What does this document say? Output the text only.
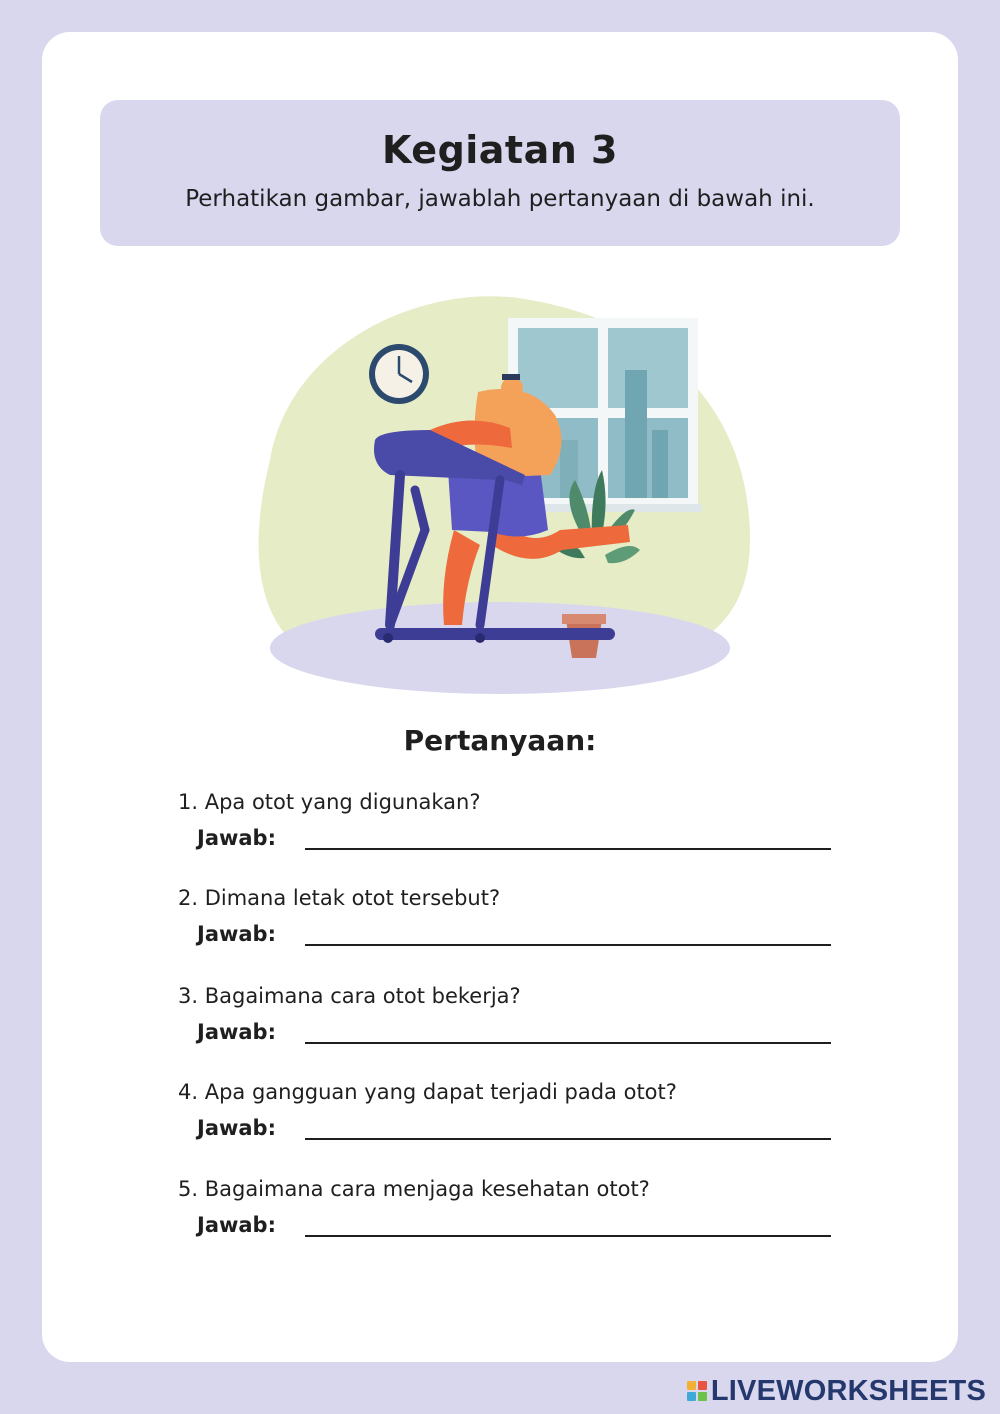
Kegiatan 3
Perhatikan gambar, jawablah pertanyaan di bawah ini.
Pertanyaan:
1. Apa otot yang digunakan?
Jawab:
2. Dimana letak otot tersebut?
Jawab:
3. Bagaimana cara otot bekerja?
Jawab:
4. Apa gangguan yang dapat terjadi pada otot?
Jawab:
5. Bagaimana cara menjaga kesehatan otot?
Jawab:
LIVEWORKSHEETS
